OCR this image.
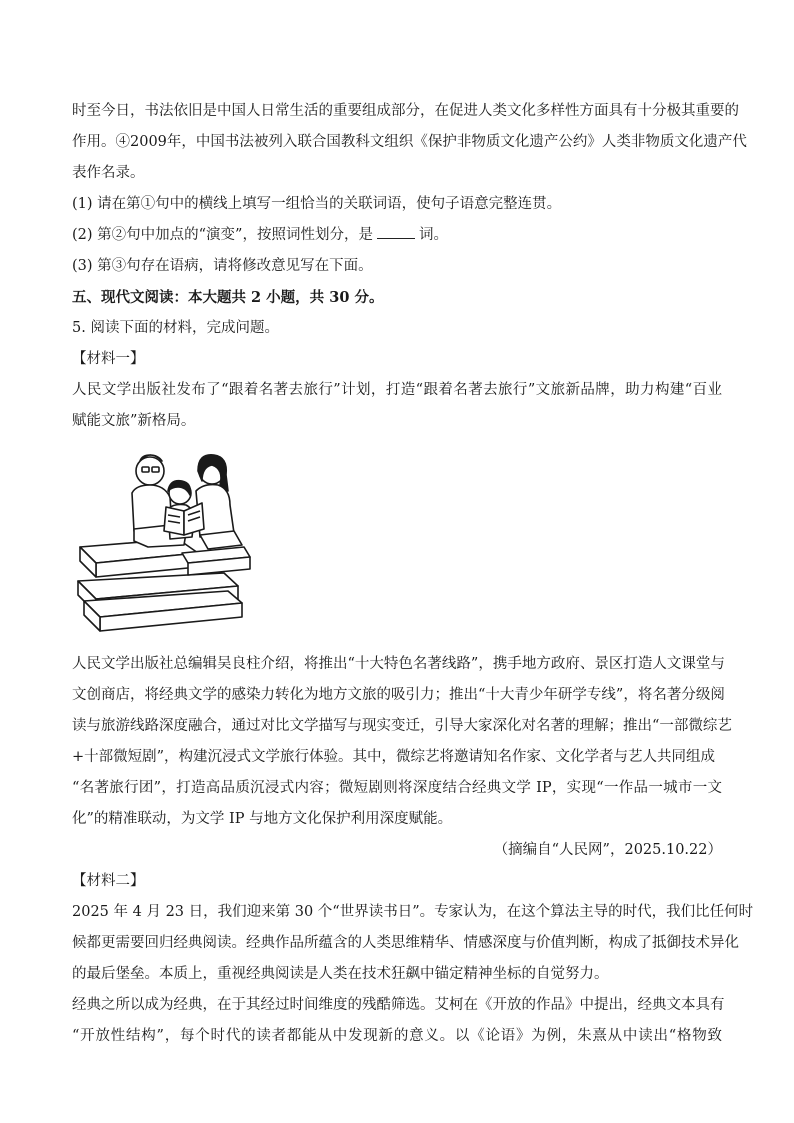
时至今日，书法依旧是中国人日常生活的重要组成部分，在促进人类文化多样性方面具有十分极其重要的
作用。④2009年，中国书法被列入联合国教科文组织《保护非物质文化遗产公约》人类非物质文化遗产代
表作名录。
(1) 请在第①句中的横线上填写一组恰当的关联词语，使句子语意完整连贯。
(2) 第②句中加点的“演变”，按照词性划分，是	词。
(3) 第③句存在语病，请将修改意见写在下面。
五、现代文阅读：本大题共 2 小题，共 30 分。
5. 阅读下面的材料，完成问题。
【材料一】
人民文学出版社发布了“跟着名著去旅行”计划，打造“跟着名著去旅行”文旅新品牌，助力构建“百业
赋能文旅”新格局。
人民文学出版社总编辑吴良柱介绍，将推出“十大特色名著线路”，携手地方政府、景区打造人文课堂与
文创商店，将经典文学的感染力转化为地方文旅的吸引力；推出“十大青少年研学专线”，将名著分级阅
读与旅游线路深度融合，通过对比文学描写与现实变迁，引导大家深化对名著的理解；推出“一部微综艺
+十部微短剧”，构建沉浸式文学旅行体验。其中，微综艺将邀请知名作家、文化学者与艺人共同组成
“名著旅行团”，打造高品质沉浸式内容；微短剧则将深度结合经典文学 IP，实现“一作品一城市一文
化”的精准联动，为文学 IP 与地方文化保护利用深度赋能。
（摘编自“人民网”，2025.10.22）
【材料二】
2025 年 4 月 23 日，我们迎来第 30 个“世界读书日”。专家认为，在这个算法主导的时代，我们比任何时
候都更需要回归经典阅读。经典作品所蕴含的人类思维精华、情感深度与价值判断，构成了抵御技术异化
的最后堡垒。本质上，重视经典阅读是人类在技术狂飙中锚定精神坐标的自觉努力。
经典之所以成为经典，在于其经过时间维度的残酷筛选。艾柯在《开放的作品》中提出，经典文本具有
“开放性结构”，每个时代的读者都能从中发现新的意义。以《论语》为例，朱熹从中读出“格物致
